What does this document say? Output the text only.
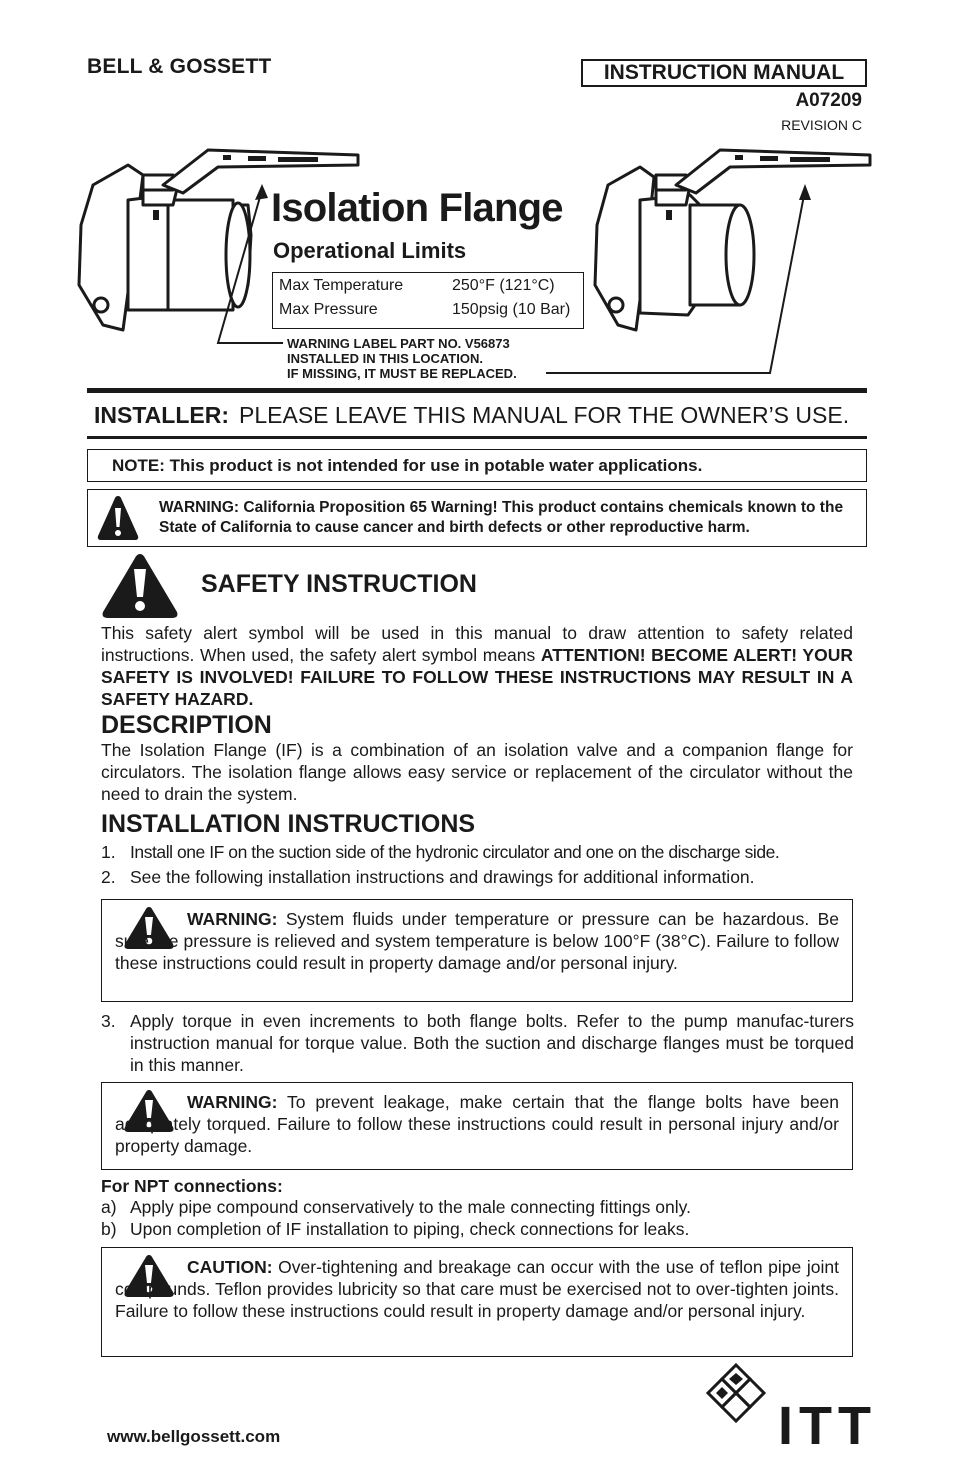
BELL & GOSSETT	INSTRUCTION MANUAL
A07209
REVISION C
Isolation Flange
Operational Limits
Max Temperature	250°F (121°C)
Max Pressure	150psig (10 Bar)
WARNING LABEL PART NO. V56873
INSTALLED IN THIS LOCATION.
IF MISSING, IT MUST BE REPLACED.
INSTALLER: PLEASE LEAVE THIS MANUAL FOR THE OWNER’S USE.
NOTE: This product is not intended for use in potable water applications.
WARNING: California Proposition 65 Warning! This product contains chemicals known to the State of California to cause cancer and birth defects or other reproductive harm.
SAFETY INSTRUCTION
This safety alert symbol will be used in this manual to draw attention to safety related instructions. When used, the safety alert symbol means ATTENTION! BECOME ALERT! YOUR SAFETY IS INVOLVED! FAILURE TO FOLLOW THESE INSTRUCTIONS MAY RESULT IN A SAFETY HAZARD.
DESCRIPTION
The Isolation Flange (IF) is a combination of an isolation valve and a companion flange for circulators. The isolation flange allows easy service or replacement of the circulator without the need to drain the system.
INSTALLATION INSTRUCTIONS
1. Install one IF on the suction side of the hydronic circulator and one on the discharge side.
2. See the following installation instructions and drawings for additional information.
WARNING: System fluids under temperature or pressure can be hazardous. Be sure the pressure is relieved and system temperature is below 100°F (38°C). Failure to follow these instructions could result in property damage and/or personal injury.
3. Apply torque in even increments to both flange bolts. Refer to the pump manufac-turers instruction manual for torque value. Both the suction and discharge flanges must be torqued in this manner.
WARNING: To prevent leakage, make certain that the flange bolts have been adequately torqued. Failure to follow these instructions could result in personal injury and/or property damage.
For NPT connections:
a) Apply pipe compound conservatively to the male connecting fittings only.
b) Upon completion of IF installation to piping, check connections for leaks.
CAUTION: Over-tightening and breakage can occur with the use of teflon pipe joint compounds. Teflon provides lubricity so that care must be exercised not to over-tighten joints. Failure to follow these instructions could result in property damage and/or personal injury.
www.bellgossett.com	ITT
